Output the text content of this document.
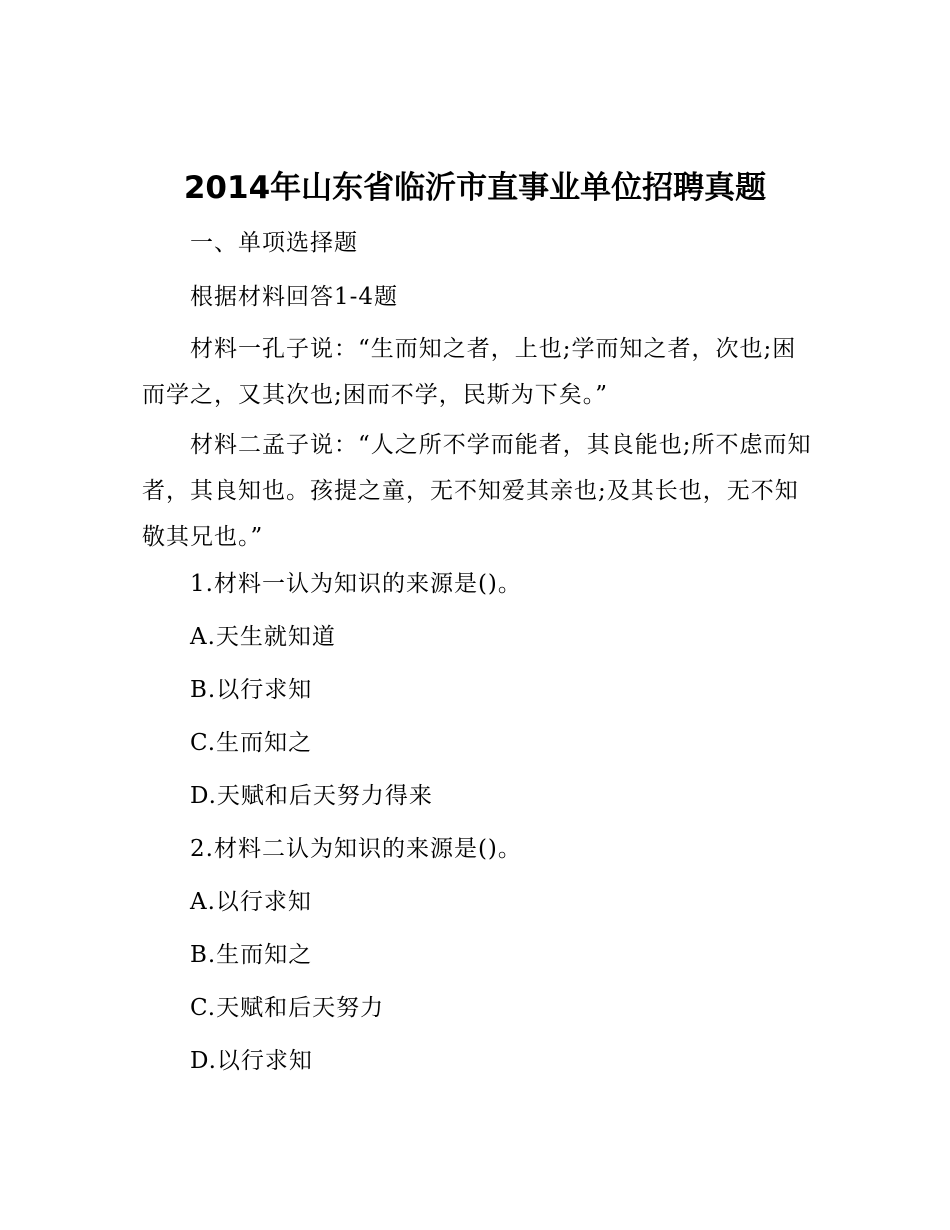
2014年山东省临沂市直事业单位招聘真题
一、单项选择题
根据材料回答1-4题
材料一孔子说：“生而知之者，上也;学而知之者，次也;困而学之，又其次也;困而不学，民斯为下矣。”
材料二孟子说：“人之所不学而能者，其良能也;所不虑而知者，其良知也。孩提之童，无不知爱其亲也;及其长也，无不知敬其兄也。”
1.材料一认为知识的来源是()。
A.天生就知道
B.以行求知
C.生而知之
D.天赋和后天努力得来
2.材料二认为知识的来源是()。
A.以行求知
B.生而知之
C.天赋和后天努力
D.以行求知
